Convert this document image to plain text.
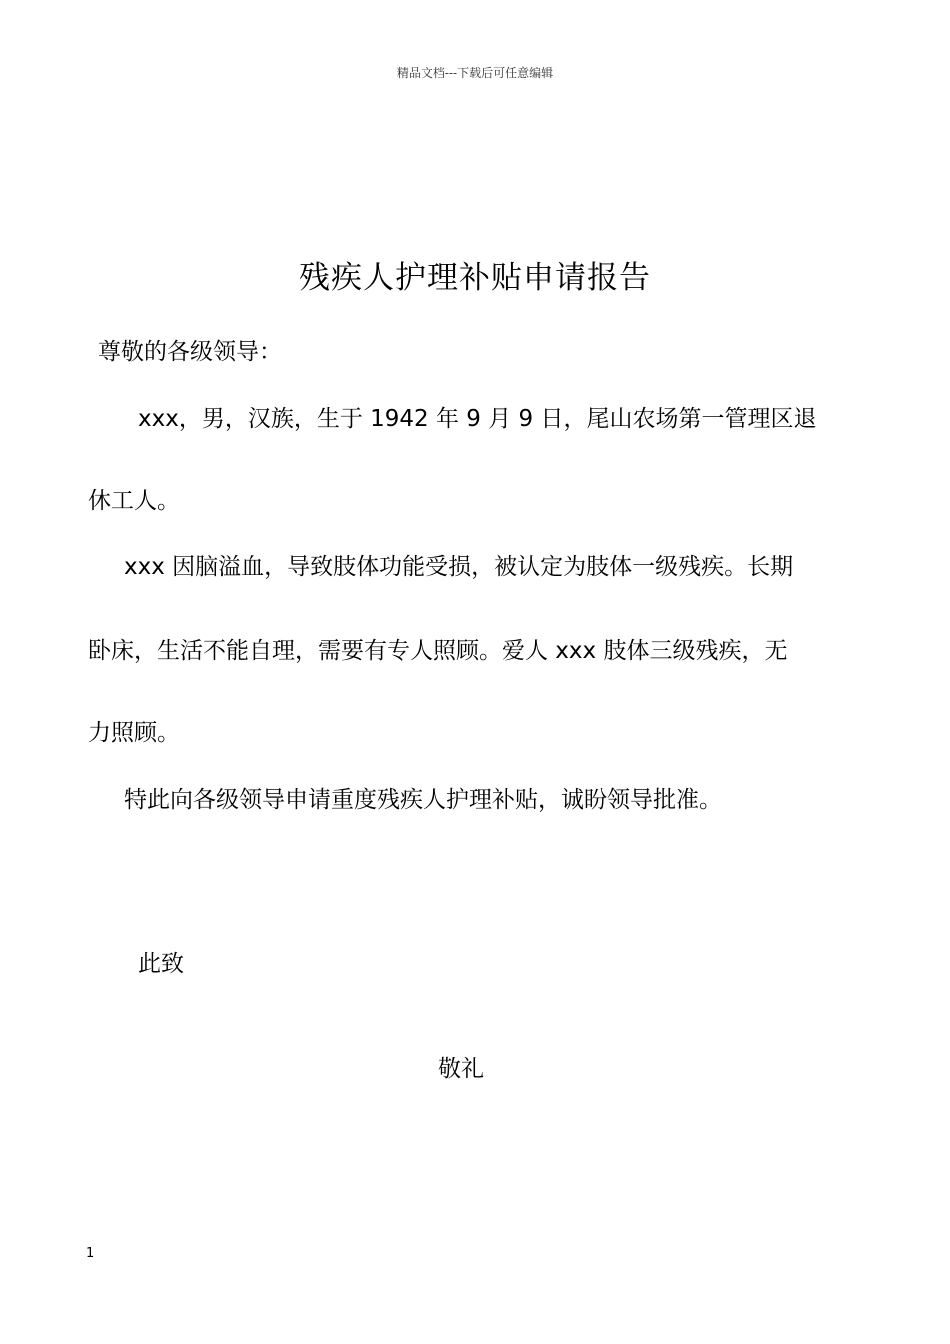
精品文档---下载后可任意编辑
残疾人护理补贴申请报告
尊敬的各级领导：
xxx，男，汉族，生于 1942 年 9 月 9 日，尾山农场第一管理区退
休工人。
xxx 因脑溢血，导致肢体功能受损，被认定为肢体一级残疾。长期
卧床，生活不能自理，需要有专人照顾。爱人 xxx 肢体三级残疾，无
力照顾。
特此向各级领导申请重度残疾人护理补贴，诚盼领导批准。
此致
敬礼
1
